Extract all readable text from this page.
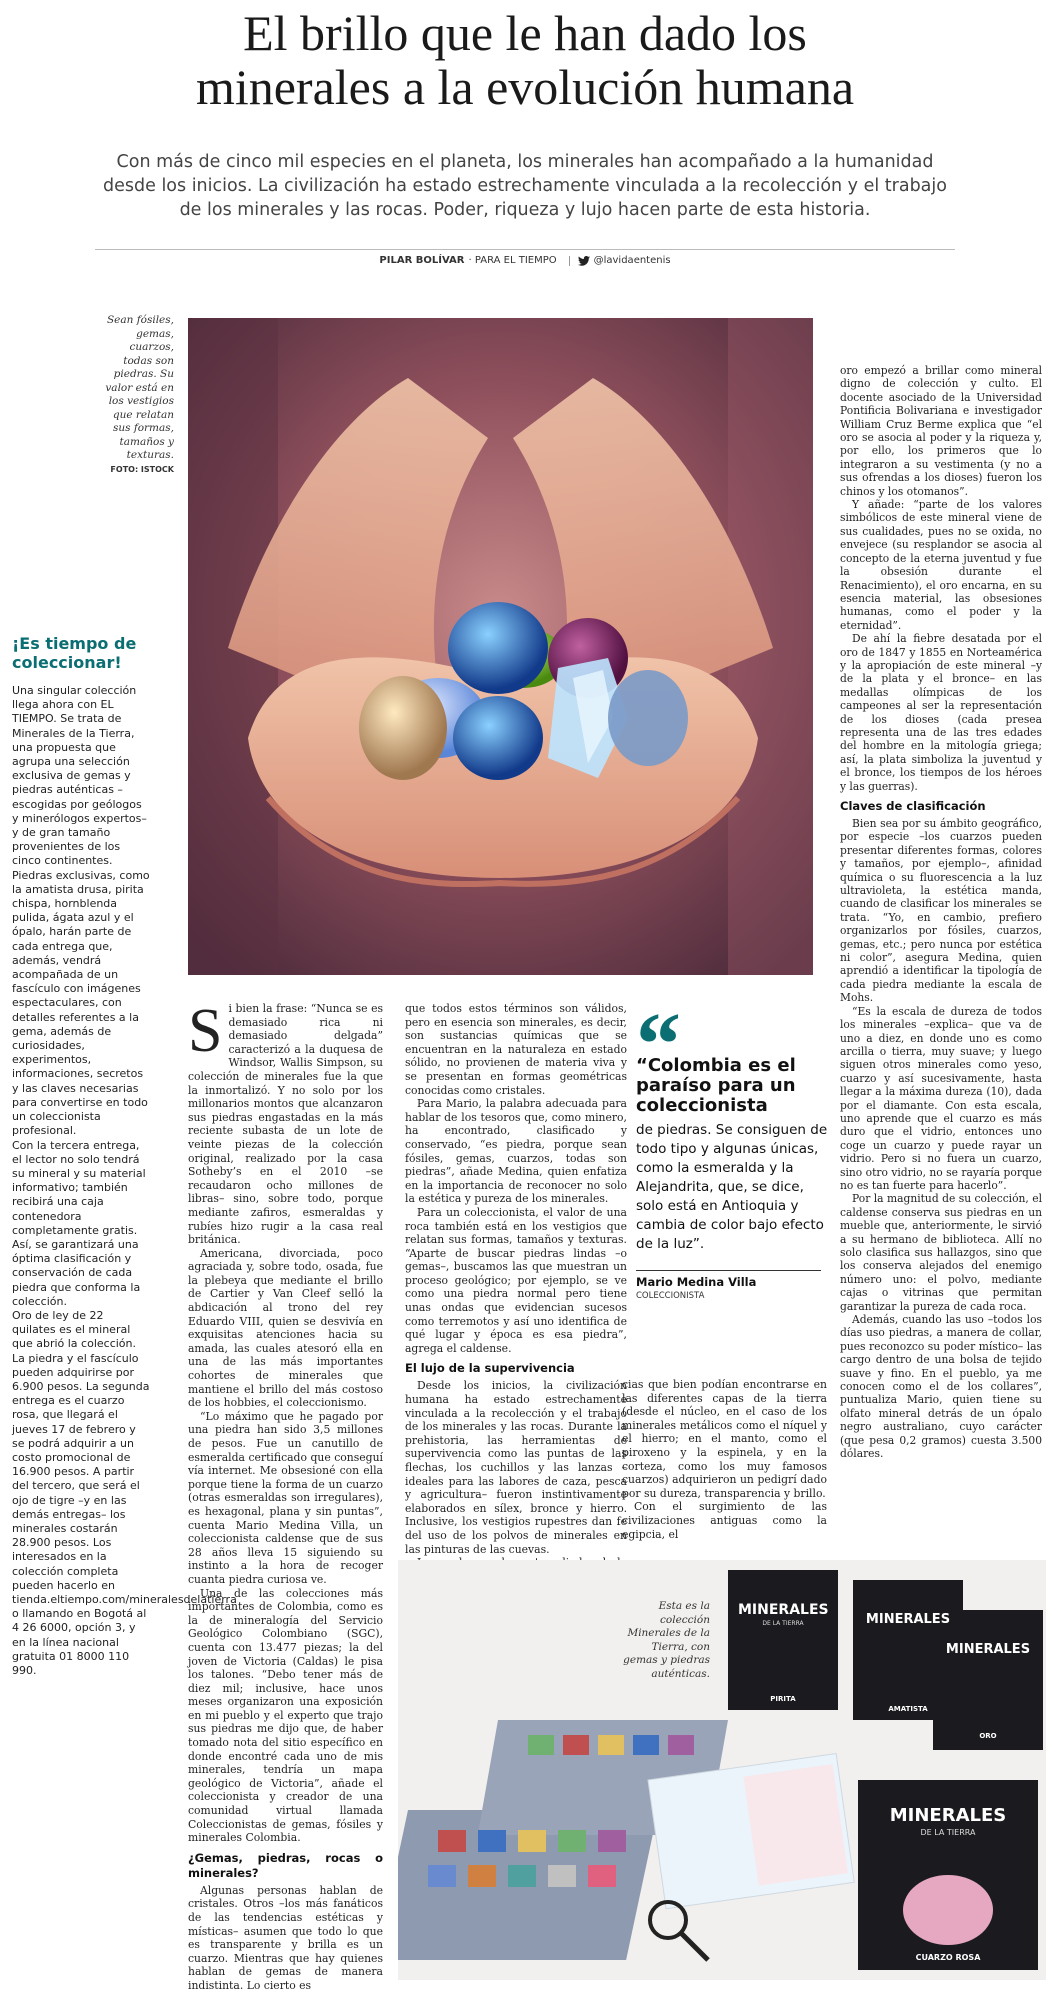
El brillo que le han dado los
minerales a la evolución humana

Con más de cinco mil especies en el planeta, los minerales han acompañado a la humanidad desde los inicios. La civilización ha estado estrechamente vinculada a la recolección y el trabajo de los minerales y las rocas. Poder, riqueza y lujo hacen parte de esta historia.

PILAR BOLÍVAR · PARA EL TIEMPO	@lavidaentenis
Sean fósiles, gemas, cuarzos, todas son piedras. Su valor está en los vestigios que relatan sus formas, tamaños y texturas.
FOTO: ISTOCK
¡Es tiempo de coleccionar!
Una singular colección llega ahora con EL TIEMPO. Se trata de Minerales de la Tierra, una propuesta que agrupa una selección exclusiva de gemas y piedras auténticas –escogidas por geólogos y minerólogos expertos– y de gran tamaño provenientes de los cinco continentes. Piedras exclusivas, como la amatista drusa, pirita chispa, hornblenda pulida, ágata azul y el ópalo, harán parte de cada entrega que, además, vendrá acompañada de un fascículo con imágenes espectaculares, con detalles referentes a la gema, además de curiosidades, experimentos, informaciones, secretos y las claves necesarias para convertirse en todo un coleccionista profesional.
Con la tercera entrega, el lector no solo tendrá su mineral y su material informativo; también recibirá una caja contenedora completamente gratis. Así, se garantizará una óptima clasificación y conservación de cada piedra que conforma la colección.
Oro de ley de 22 quilates es el mineral que abrió la colección. La piedra y el fascículo pueden adquirirse por 6.900 pesos. La segunda entrega es el cuarzo rosa, que llegará el jueves 17 de febrero y se podrá adquirir a un costo promocional de 16.900 pesos. A partir del tercero, que será el ojo de tigre –y en las demás entregas– los minerales costarán 28.900 pesos. Los interesados en la colección completa pueden hacerlo en tienda.eltiempo.com/mineralesdelatierra o llamando en Bogotá al 4 26 6000, opción 3, y en la línea nacional gratuita 01 8000 110 990.

Si bien la frase: “Nunca se es demasiado rica ni demasiado delgada” caracterizó a la duquesa de Windsor, Wallis Simpson, su colección de minerales fue la que la inmortalizó. Y no solo por los millonarios montos que alcanzaron sus piedras engastadas en la más reciente subasta de un lote de veinte piezas de la colección original, realizado por la casa Sotheby’s en el 2010 –se recaudaron ocho millones de libras– sino, sobre todo, porque mediante zafiros, esmeraldas y rubíes hizo rugir a la casa real británica.

Americana, divorciada, poco agraciada y, sobre todo, osada, fue la plebeya que mediante el brillo de Cartier y Van Cleef selló la abdicación al trono del rey Eduardo VIII, quien se desvivía en exquisitas atenciones hacia su amada, las cuales atesoró ella en una de las más importantes cohortes de minerales que mantiene el brillo del más costoso de los hobbies, el coleccionismo.

“Lo máximo que he pagado por una piedra han sido 3,5 millones de pesos. Fue un canutillo de esmeralda certificado que conseguí vía internet. Me obsesioné con ella porque tiene la forma de un cuarzo (otras esmeraldas son irregulares), es hexagonal, plana y sin puntas”, cuenta Mario Medina Villa, un coleccionista caldense que de sus 28 años lleva 15 siguiendo su instinto a la hora de recoger cuanta piedra curiosa ve.

Una de las colecciones más importantes de Colombia, como es la de mineralogía del Servicio Geológico Colombiano (SGC), cuenta con 13.477 piezas; la del joven de Victoria (Caldas) le pisa los talones. “Debo tener más de diez mil; inclusive, hace unos meses organizaron una exposición en mi pueblo y el experto que trajo sus piedras me dijo que, de haber tomado nota del sitio específico en donde encontré cada uno de mis minerales, tendría un mapa geológico de Victoria”, añade el coleccionista y creador de una comunidad virtual llamada Coleccionistas de gemas, fósiles y minerales Colombia.

¿Gemas, piedras, rocas o minerales?

Algunas personas hablan de cristales. Otros –los más fanáticos de las tendencias estéticas y místicas– asumen que todo lo que es transparente y brilla es un cuarzo. Mientras que hay quienes hablan de gemas de manera indistinta. Lo cierto es

que todos estos términos son válidos, pero en esencia son minerales, es decir, son sustancias químicas que se encuentran en la naturaleza en estado sólido, no provienen de materia viva y se presentan en formas geométricas conocidas como cristales.

Para Mario, la palabra adecuada para hablar de los tesoros que, como minero, ha encontrado, clasificado y conservado, “es piedra, porque sean fósiles, gemas, cuarzos, todas son piedras”, añade Medina, quien enfatiza en la importancia de reconocer no solo la estética y pureza de los minerales.

Para un coleccionista, el valor de una roca también está en los vestigios que relatan sus formas, tamaños y texturas. “Aparte de buscar piedras lindas –o gemas–, buscamos las que muestran un proceso geológico; por ejemplo, se ve como una piedra normal pero tiene unas ondas que evidencian sucesos como terremotos y así uno identifica de qué lugar y época es esa piedra”, agrega el caldense.

El lujo de la supervivencia

Desde los inicios, la civilización humana ha estado estrechamente vinculada a la recolección y el trabajo de los minerales y las rocas. Durante la prehistoria, las herramientas de supervivencia como las puntas de las flechas, los cuchillos y las lanzas –ideales para las labores de caza, pesca y agricultura– fueron instintivamente elaborados en sílex, bronce y hierro. Inclusive, los vestigios rupestres dan fe del uso de los polvos de minerales en las pinturas de las cuevas.

“
“Colombia es el paraíso para un coleccionista
de piedras. Se consiguen de todo tipo y algunas únicas, como la esmeralda y la Alejandrita, que, se dice, solo está en Antioquia y cambia de color bajo efecto de la luz”.
Mario Medina Villa
COLECCIONISTA

cias que bien podían encontrarse en las diferentes capas de la tierra (desde el núcleo, en el caso de los minerales metálicos como el níquel y el hierro; en el manto, como el piroxeno y la espinela, y en la corteza, como los muy famosos cuarzos) adquirieron un pedigrí dado por su dureza, transparencia y brillo.

Con el surgimiento de las civilizaciones antiguas como la egipcia, el

oro empezó a brillar como mineral digno de colección y culto. El docente asociado de la Universidad Pontificia Bolivariana e investigador William Cruz Berme explica que “el oro se asocia al poder y la riqueza y, por ello, los primeros que lo integraron a su vestimenta (y no a sus ofrendas a los dioses) fueron los chinos y los otomanos”.

Y añade: “parte de los valores simbólicos de este mineral viene de sus cualidades, pues no se oxida, no envejece (su resplandor se asocia al concepto de la eterna juventud y fue la obsesión durante el Renacimiento), el oro encarna, en su esencia material, las obsesiones humanas, como el poder y la eternidad”.

De ahí la fiebre desatada por el oro de 1847 y 1855 en Norteamérica y la apropiación de este mineral –y de la plata y el bronce– en las medallas olímpicas de los campeones al ser la representación de los dioses (cada presea representa una de las tres edades del hombre en la mitología griega; así, la plata simboliza la juventud y el bronce, los tiempos de los héroes y las guerras).

Claves de clasificación

Bien sea por su ámbito geográfico, por especie –los cuarzos pueden presentar diferentes formas, colores y tamaños, por ejemplo–, afinidad química o su fluorescencia a la luz ultravioleta, la estética manda, cuando de clasificar los minerales se trata. “Yo, en cambio, prefiero organizarlos por fósiles, cuarzos, gemas, etc.; pero nunca por estética ni color”, asegura Medina, quien aprendió a identificar la tipología de cada piedra mediante la escala de Mohs.

“Es la escala de dureza de todos los minerales –explica– que va de uno a diez, en donde uno es como arcilla o tierra, muy suave; y luego siguen otros minerales como yeso, cuarzo y así sucesivamente, hasta llegar a la máxima dureza (10), dada por el diamante. Con esta escala, uno aprende que el cuarzo es más duro que el vidrio, entonces uno coge un cuarzo y puede rayar un vidrio. Pero si no fuera un cuarzo, sino otro vidrio, no se rayaría porque no es tan fuerte para hacerlo”.

Por la magnitud de su colección, el caldense conserva sus piedras en un mueble que, anteriormente, le sirvió a su hermano de biblioteca. Allí no solo clasifica sus hallazgos, sino que los conserva alejados del enemigo número uno: el polvo, mediante cajas o vitrinas que permitan garantizar la pureza de cada roca.

Además, cuando las uso –todos los días uso piedras, a manera de collar, pues reconozco su poder místico– las cargo dentro de una bolsa de tejido suave y fino. En el pueblo, ya me conocen como el de los collares”, puntualiza Mario, quien tiene su olfato mineral detrás de un ópalo negro australiano, cuyo carácter (que pesa 0,2 gramos) cuesta 3.500 dólares.

MINERALES
DE LA TIERRA
PIRITA
MINERALES
AMATISTA
MINERALES
ORO
MINERALES
DE LA TIERRA
CUARZO ROSA
Esta es la colección Minerales de la Tierra, con gemas y piedras auténticas.
